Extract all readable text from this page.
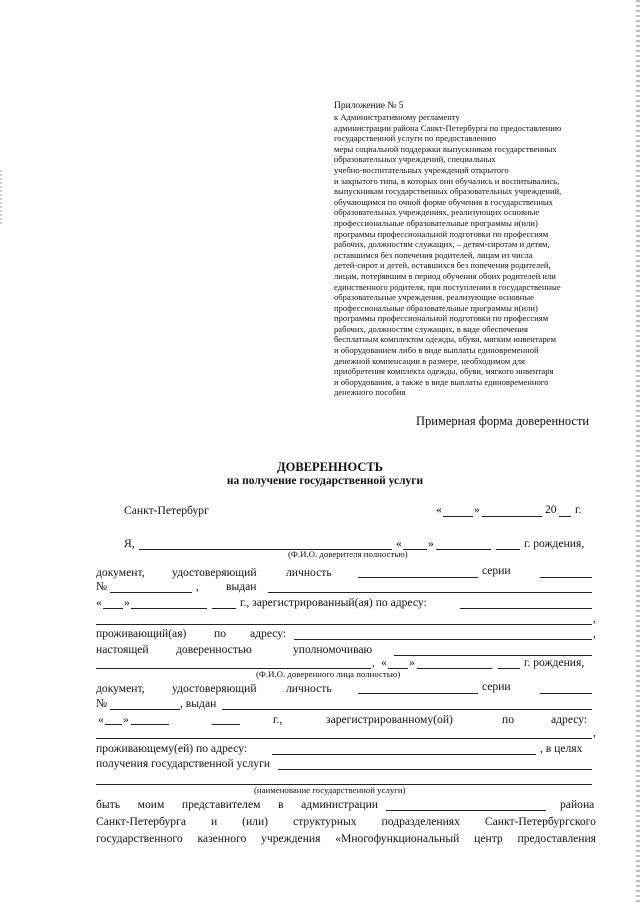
Приложение № 5
к Административному регламенту
администрации района Санкт-Петербурга по предоставлению
государственной услуги по предоставлению
меры социальной поддержки выпускникам государственных
образовательных учреждений, специальных
учебно-воспитательных учреждений открытого
и закрытого типа, в которых они обучались и воспитывались,
выпускникам государственных образовательных учреждений,
обучающимся по очной форме обучения в государственных
образовательных учреждениях, реализующих основные
профессиональные образовательные программы и(или)
программы профессиональной подготовки по профессиям
рабочих, должностям служащих, – детям-сиротам и детям,
оставшимся без попечения родителей, лицам из числа
детей-сирот и детей, оставшихся без попечения родителей,
лицам, потерявшим в период обучения обоих родителей или
единственного родителя, при поступлении в государственные
образовательные учреждения, реализующие основные
профессиональные образовательные программы и(или)
программы профессиональной подготовки по профессиям
рабочих, должностям служащих, в виде обеспечения
бесплатным комплектом одежды, обуви, мягким инвентарем
и оборудованием либо в виде выплаты единовременной
денежной компенсации в размере, необходимом для
приобретения комплекта одежды, обуви, мягкого инвентаря
и оборудования, а также в виде выплаты единовременного
денежного пособия
Примерная форма доверенности
ДОВЕРЕННОСТЬ
на получение государственной услуги
Санкт-Петербург	«	»	20 г.
Я,	« »	г. рождения,
(Ф.И.О. доверителя полностью)
документ, удостоверяющий	личность	серии
№	, выдан
« »	г., зарегистрированный(ая) по адресу:
,
проживающий(ая) по адресу:	,
настоящей доверенностью	уполномочиваю
, « »	г. рождения,
(Ф.И.О. доверенного лица полностью)
документ, удостоверяющий	личность	серии
№	, выдан
« »	г.,	зарегистрированному(ой)	по	адресу:
,
проживающему(ей) по адресу:	, в целях
получения государственной услуги
(наименование государственной услуги)
быть моим представителем в администрации	района
Санкт-Петербурга и (или) структурных подразделениях Санкт-Петербургского
государственного казенного учреждения «Многофункциональный центр предоставления
